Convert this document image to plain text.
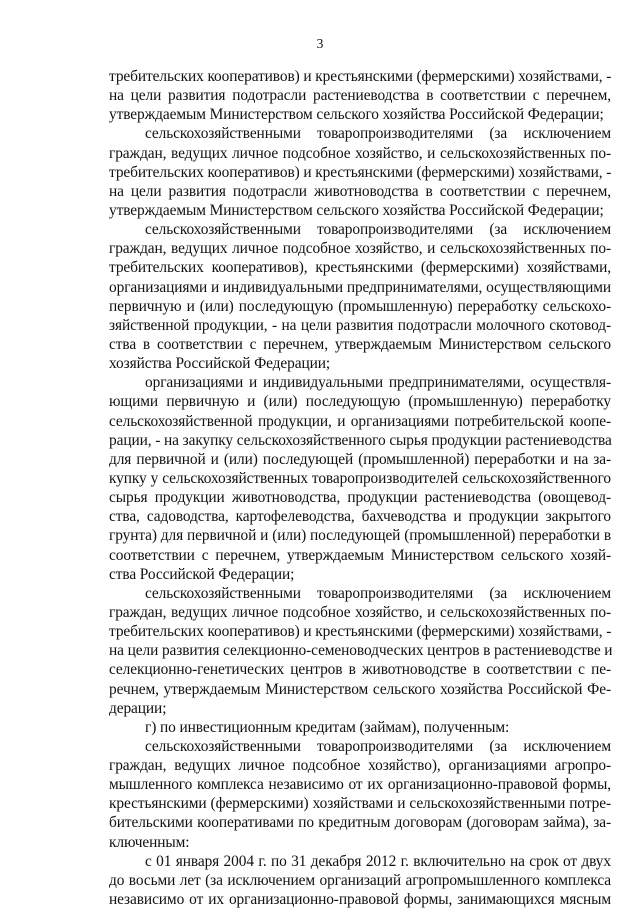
3
требительских кооперативов) и крестьянскими (фермерскими) хозяйствами, -
на цели развития подотрасли растениеводства в соответствии с перечнем,
утверждаемым Министерством сельского хозяйства Российской Федерации;
сельскохозяйственными товаропроизводителями (за исключением
граждан, ведущих личное подсобное хозяйство, и сельскохозяйственных по-
требительских кооперативов) и крестьянскими (фермерскими) хозяйствами, -
на цели развития подотрасли животноводства в соответствии с перечнем,
утверждаемым Министерством сельского хозяйства Российской Федерации;
сельскохозяйственными товаропроизводителями (за исключением
граждан, ведущих личное подсобное хозяйство, и сельскохозяйственных по-
требительских кооперативов), крестьянскими (фермерскими) хозяйствами,
организациями и индивидуальными предпринимателями, осуществляющими
первичную и (или) последующую (промышленную) переработку сельскохо-
зяйственной продукции, - на цели развития подотрасли молочного скотовод-
ства в соответствии с перечнем, утверждаемым Министерством сельского
хозяйства Российской Федерации;
организациями и индивидуальными предпринимателями, осуществля-
ющими первичную и (или) последующую (промышленную) переработку
сельскохозяйственной продукции, и организациями потребительской коопе-
рации, - на закупку сельскохозяйственного сырья продукции растениеводства
для первичной и (или) последующей (промышленной) переработки и на за-
купку у сельскохозяйственных товаропроизводителей сельскохозяйственного
сырья продукции животноводства, продукции растениеводства (овощевод-
ства, садоводства, картофелеводства, бахчеводства и продукции закрытого
грунта) для первичной и (или) последующей (промышленной) переработки в
соответствии с перечнем, утверждаемым Министерством сельского хозяй-
ства Российской Федерации;
сельскохозяйственными товаропроизводителями (за исключением
граждан, ведущих личное подсобное хозяйство, и сельскохозяйственных по-
требительских кооперативов) и крестьянскими (фермерскими) хозяйствами, -
на цели развития селекционно-семеноводческих центров в растениеводстве и
селекционно-генетических центров в животноводстве в соответствии с пе-
речнем, утверждаемым Министерством сельского хозяйства Российской Фе-
дерации;
г) по инвестиционным кредитам (займам), полученным:
сельскохозяйственными товаропроизводителями (за исключением
граждан, ведущих личное подсобное хозяйство), организациями агропро-
мышленного комплекса независимо от их организационно-правовой формы,
крестьянскими (фермерскими) хозяйствами и сельскохозяйственными потре-
бительскими кооперативами по кредитным договорам (договорам займа), за-
ключенным:
с 01 января 2004 г. по 31 декабря 2012 г. включительно на срок от двух
до восьми лет (за исключением организаций агропромышленного комплекса
независимо от их организационно-правовой формы, занимающихся мясным
